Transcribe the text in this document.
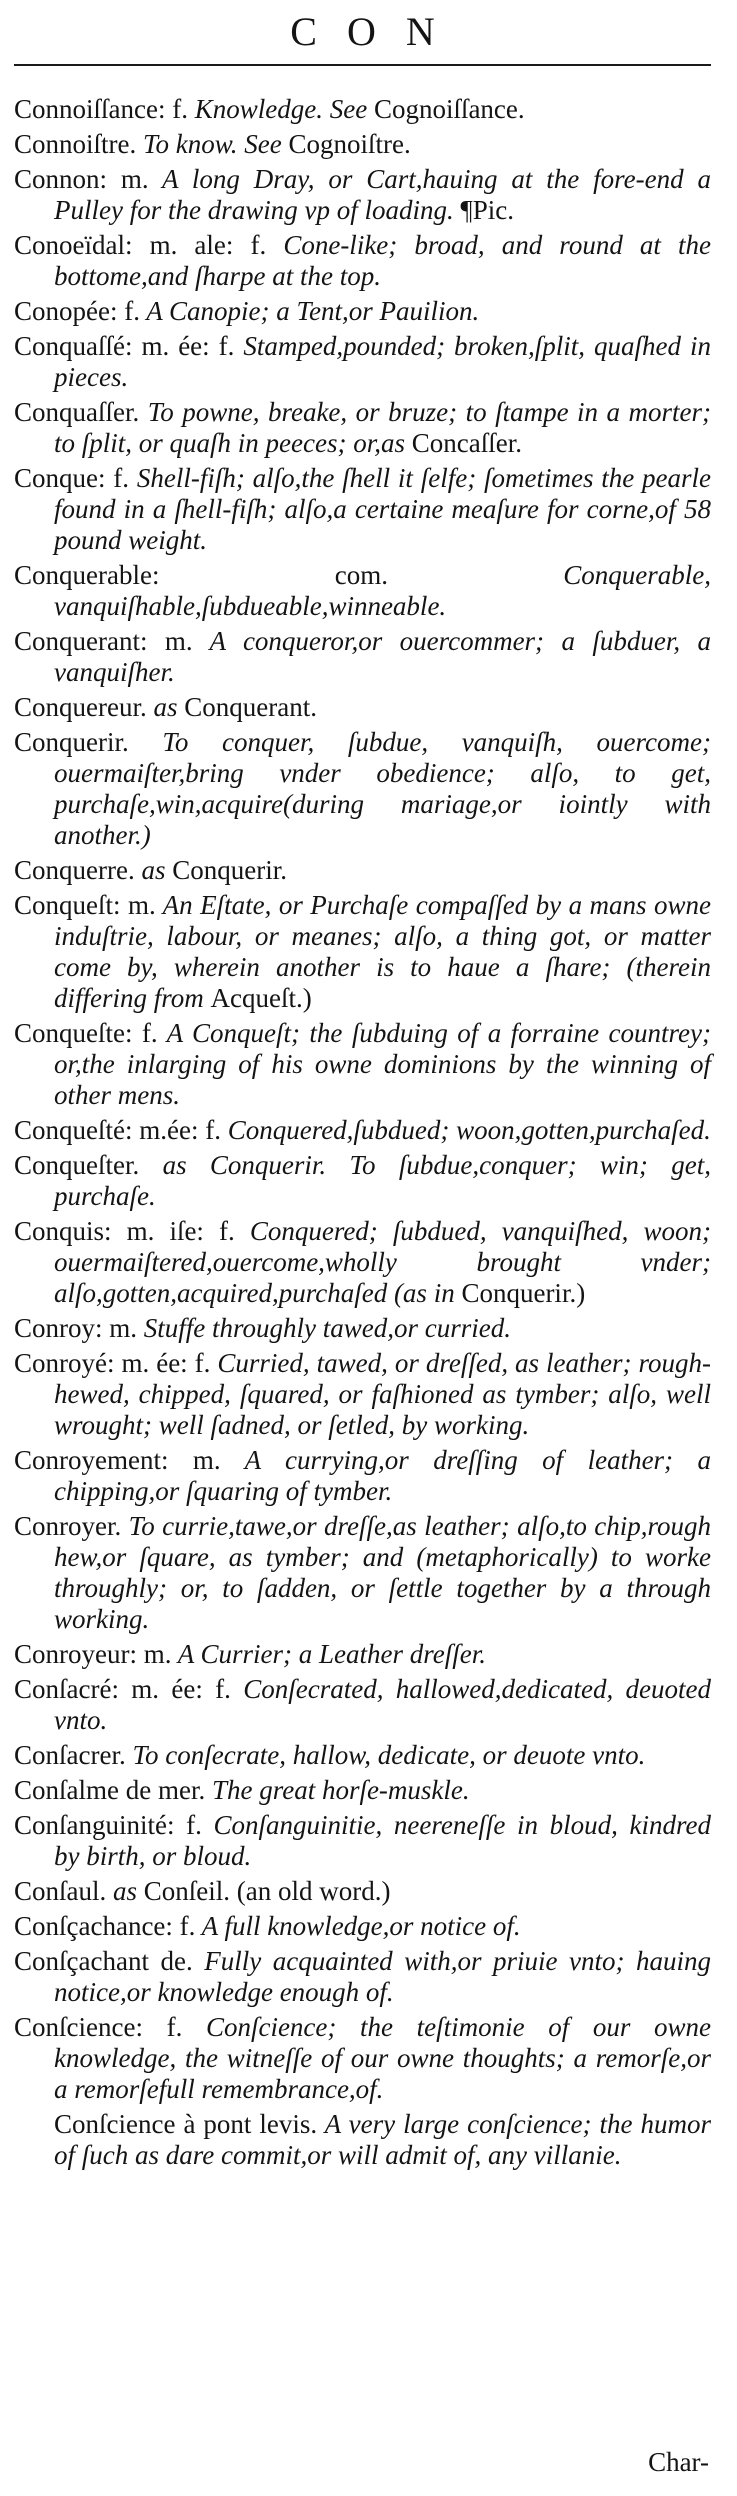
CON

Connoiſſance: f. Knowledge. See Cognoiſſance.

Connoiſtre. To know. See Cognoiſtre.

Connon: m. A long Dray, or Cart,hauing at the fore-end a Pulley for the drawing vp of loading. ¶Pic.

Conoeïdal: m. ale: f. Cone-like; broad, and round at the bottome,and ſharpe at the top.

Conopée: f. A Canopie; a Tent,or Pauilion.

Conquaſſé: m. ée: f. Stamped,pounded; broken,ſplit, quaſhed in pieces.

Conquaſſer. To powne, breake, or bruze; to ſtampe in a morter; to ſplit, or quaſh in peeces; or,as Concaſſer.

Conque: f. Shell-fiſh; alſo,the ſhell it ſelfe; ſometimes the pearle found in a ſhell-fiſh; alſo,a certaine meaſure for corne,of 58 pound weight.

Conquerable: com. Conquerable, vanquiſhable,ſubdueable,winneable.

Conquerant: m. A conqueror,or ouercommer; a ſubduer, a vanquiſher.

Conquereur. as Conquerant.

Conquerir. To conquer, ſubdue, vanquiſh, ouercome; ouermaiſter,bring vnder obedience; alſo, to get, purchaſe,win,acquire(during mariage,or iointly with another.)

Conquerre. as Conquerir.

Conqueſt: m. An Eſtate, or Purchaſe compaſſed by a mans owne induſtrie, labour, or meanes; alſo, a thing got, or matter come by, wherein another is to haue a ſhare; (therein differing from Acqueſt.)

Conqueſte: f. A Conqueſt; the ſubduing of a forraine countrey; or,the inlarging of his owne dominions by the winning of other mens.

Conqueſté: m.ée: f. Conquered,ſubdued; woon,gotten,purchaſed.

Conqueſter. as Conquerir. To ſubdue,conquer; win; get, purchaſe.

Conquis: m. iſe: f. Conquered; ſubdued, vanquiſhed, woon; ouermaiſtered,ouercome,wholly brought vnder; alſo,gotten,acquired,purchaſed (as in Conquerir.)

Conroy: m. Stuffe throughly tawed,or curried.

Conroyé: m. ée: f. Curried, tawed, or dreſſed, as leather; rough-hewed, chipped, ſquared, or faſhioned as tymber; alſo, well wrought; well ſadned, or ſetled, by working.

Conroyement: m. A currying,or dreſſing of leather; a chipping,or ſquaring of tymber.

Conroyer. To currie,tawe,or dreſſe,as leather; alſo,to chip,rough hew,or ſquare, as tymber; and (metaphorically) to worke throughly; or, to ſadden, or ſettle together by a through working.

Conroyeur: m. A Currier; a Leather dreſſer.

Conſacré: m. ée: f. Conſecrated, hallowed,dedicated, deuoted vnto.

Conſacrer. To conſecrate, hallow, dedicate, or deuote vnto.

Conſalme de mer. The great horſe-muskle.

Conſanguinité: f. Conſanguinitie, neereneſſe in bloud, kindred by birth, or bloud.

Conſaul. as Conſeil. (an old word.)

Conſçachance: f. A full knowledge,or notice of.

Conſçachant de. Fully acquainted with,or priuie vnto; hauing notice,or knowledge enough of.

Conſcience: f. Conſcience; the teſtimonie of our owne knowledge, the witneſſe of our owne thoughts; a remorſe,or a remorſefull remembrance,of.

Conſcience à pont levis. A very large conſcience; the humor of ſuch as dare commit,or will admit of, any villanie.

Char-
